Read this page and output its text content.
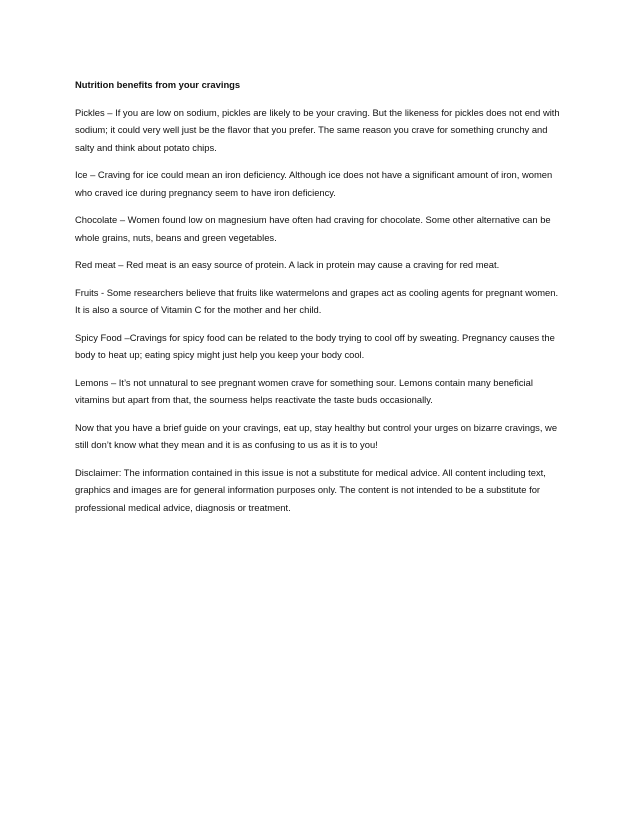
Nutrition benefits from your cravings

Pickles – If you are low on sodium, pickles are likely to be your craving. But the likeness for pickles does not end with sodium; it could very well just be the flavor that you prefer. The same reason you crave for something crunchy and salty and think about potato chips.

Ice – Craving for ice could mean an iron deficiency. Although ice does not have a significant amount of iron, women who craved ice during pregnancy seem to have iron deficiency.

Chocolate – Women found low on magnesium have often had craving for chocolate. Some other alternative can be whole grains, nuts, beans and green vegetables.

Red meat – Red meat is an easy source of protein. A lack in protein may cause a craving for red meat.

Fruits - Some researchers believe that fruits like watermelons and grapes act as cooling agents for pregnant women. It is also a source of Vitamin C for the mother and her child.

Spicy Food –Cravings for spicy food can be related to the body trying to cool off by sweating. Pregnancy causes the body to heat up; eating spicy might just help you keep your body cool.

Lemons – It’s not unnatural to see pregnant women crave for something sour. Lemons contain many beneficial vitamins but apart from that, the sourness helps reactivate the taste buds occasionally.

Now that you have a brief guide on your cravings, eat up, stay healthy but control your urges on bizarre cravings, we still don’t know what they mean and it is as confusing to us as it is to you!

Disclaimer: The information contained in this issue is not a substitute for medical advice. All content including text, graphics and images are for general information purposes only. The content is not intended to be a substitute for professional medical advice, diagnosis or treatment.
